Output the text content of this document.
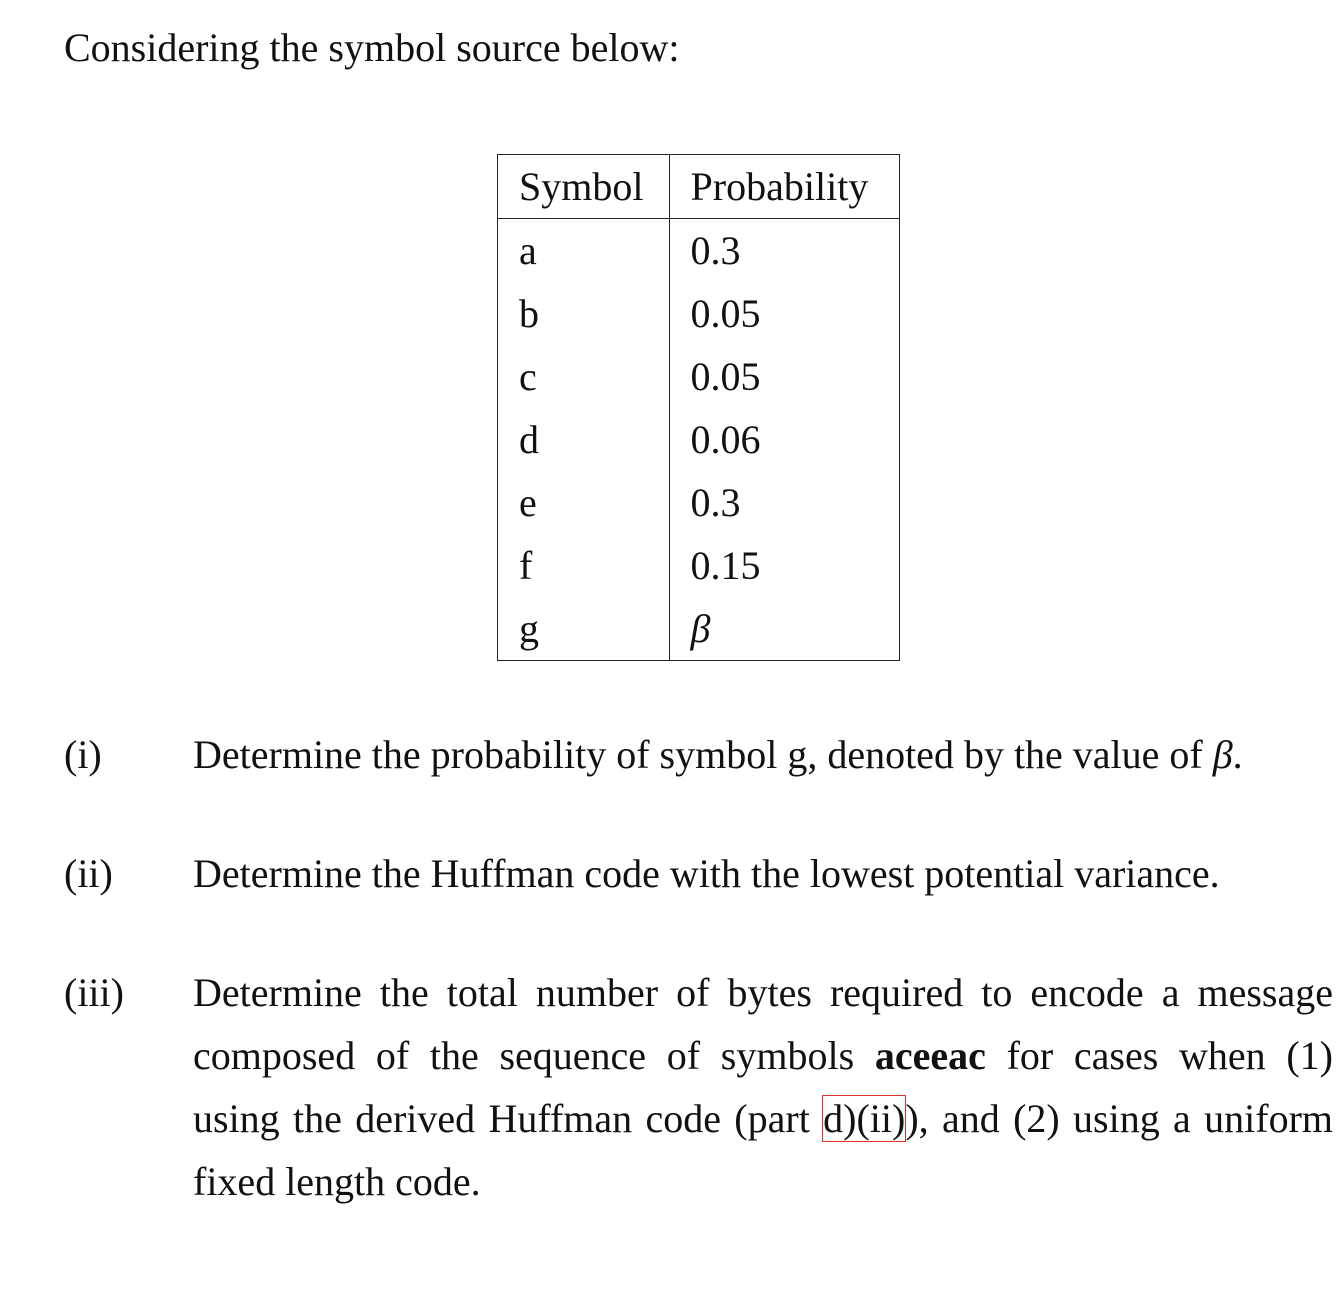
Considering the symbol source below:
Symbol	Probability
a	0.3
b	0.05
c	0.05
d	0.06
e	0.3
f	0.15
g	β
(i) Determine the probability of symbol g, denoted by the value of β.
(ii) Determine the Huffman code with the lowest potential variance.
(iii) Determine the total number of bytes required to encode a message
composed of the sequence of symbols aceeac for cases when (1)
using the derived Huffman code (part d)(ii)), and (2) using a uniform
fixed length code.
